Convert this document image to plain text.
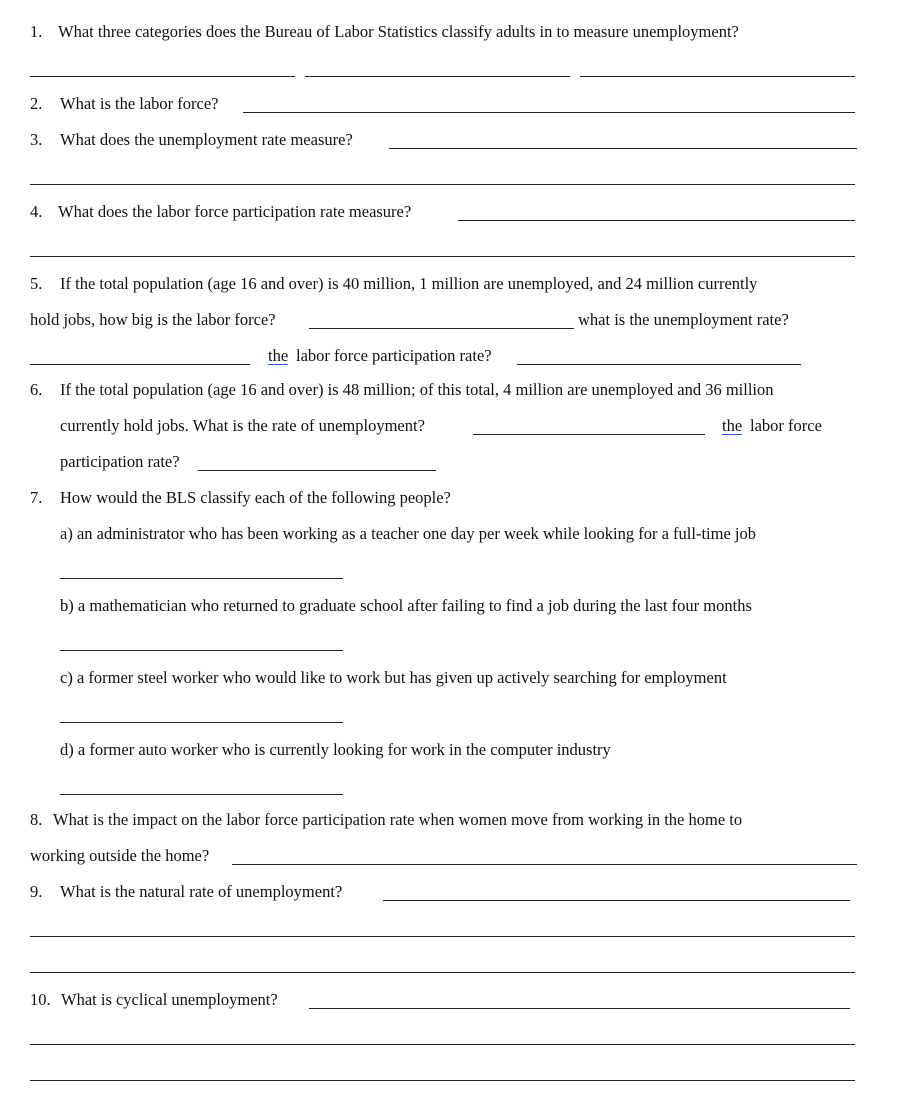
1. What three categories does the Bureau of Labor Statistics classify adults in to measure unemployment?
2. What is the labor force?
3. What does the unemployment rate measure?
4. What does the labor force participation rate measure?
5. If the total population (age 16 and over) is 40 million, 1 million are unemployed, and 24 million currently
hold jobs, how big is the labor force?	what is the unemployment rate?
the labor force participation rate?
6. If the total population (age 16 and over) is 48 million; of this total, 4 million are unemployed and 36 million
currently hold jobs. What is the rate of unemployment?	the labor force
participation rate?
7. How would the BLS classify each of the following people?
a) an administrator who has been working as a teacher one day per week while looking for a full-time job
b) a mathematician who returned to graduate school after failing to find a job during the last four months
c) a former steel worker who would like to work but has given up actively searching for employment
d) a former auto worker who is currently looking for work in the computer industry
8. What is the impact on the labor force participation rate when women move from working in the home to
working outside the home?
9. What is the natural rate of unemployment?
10. What is cyclical unemployment?
